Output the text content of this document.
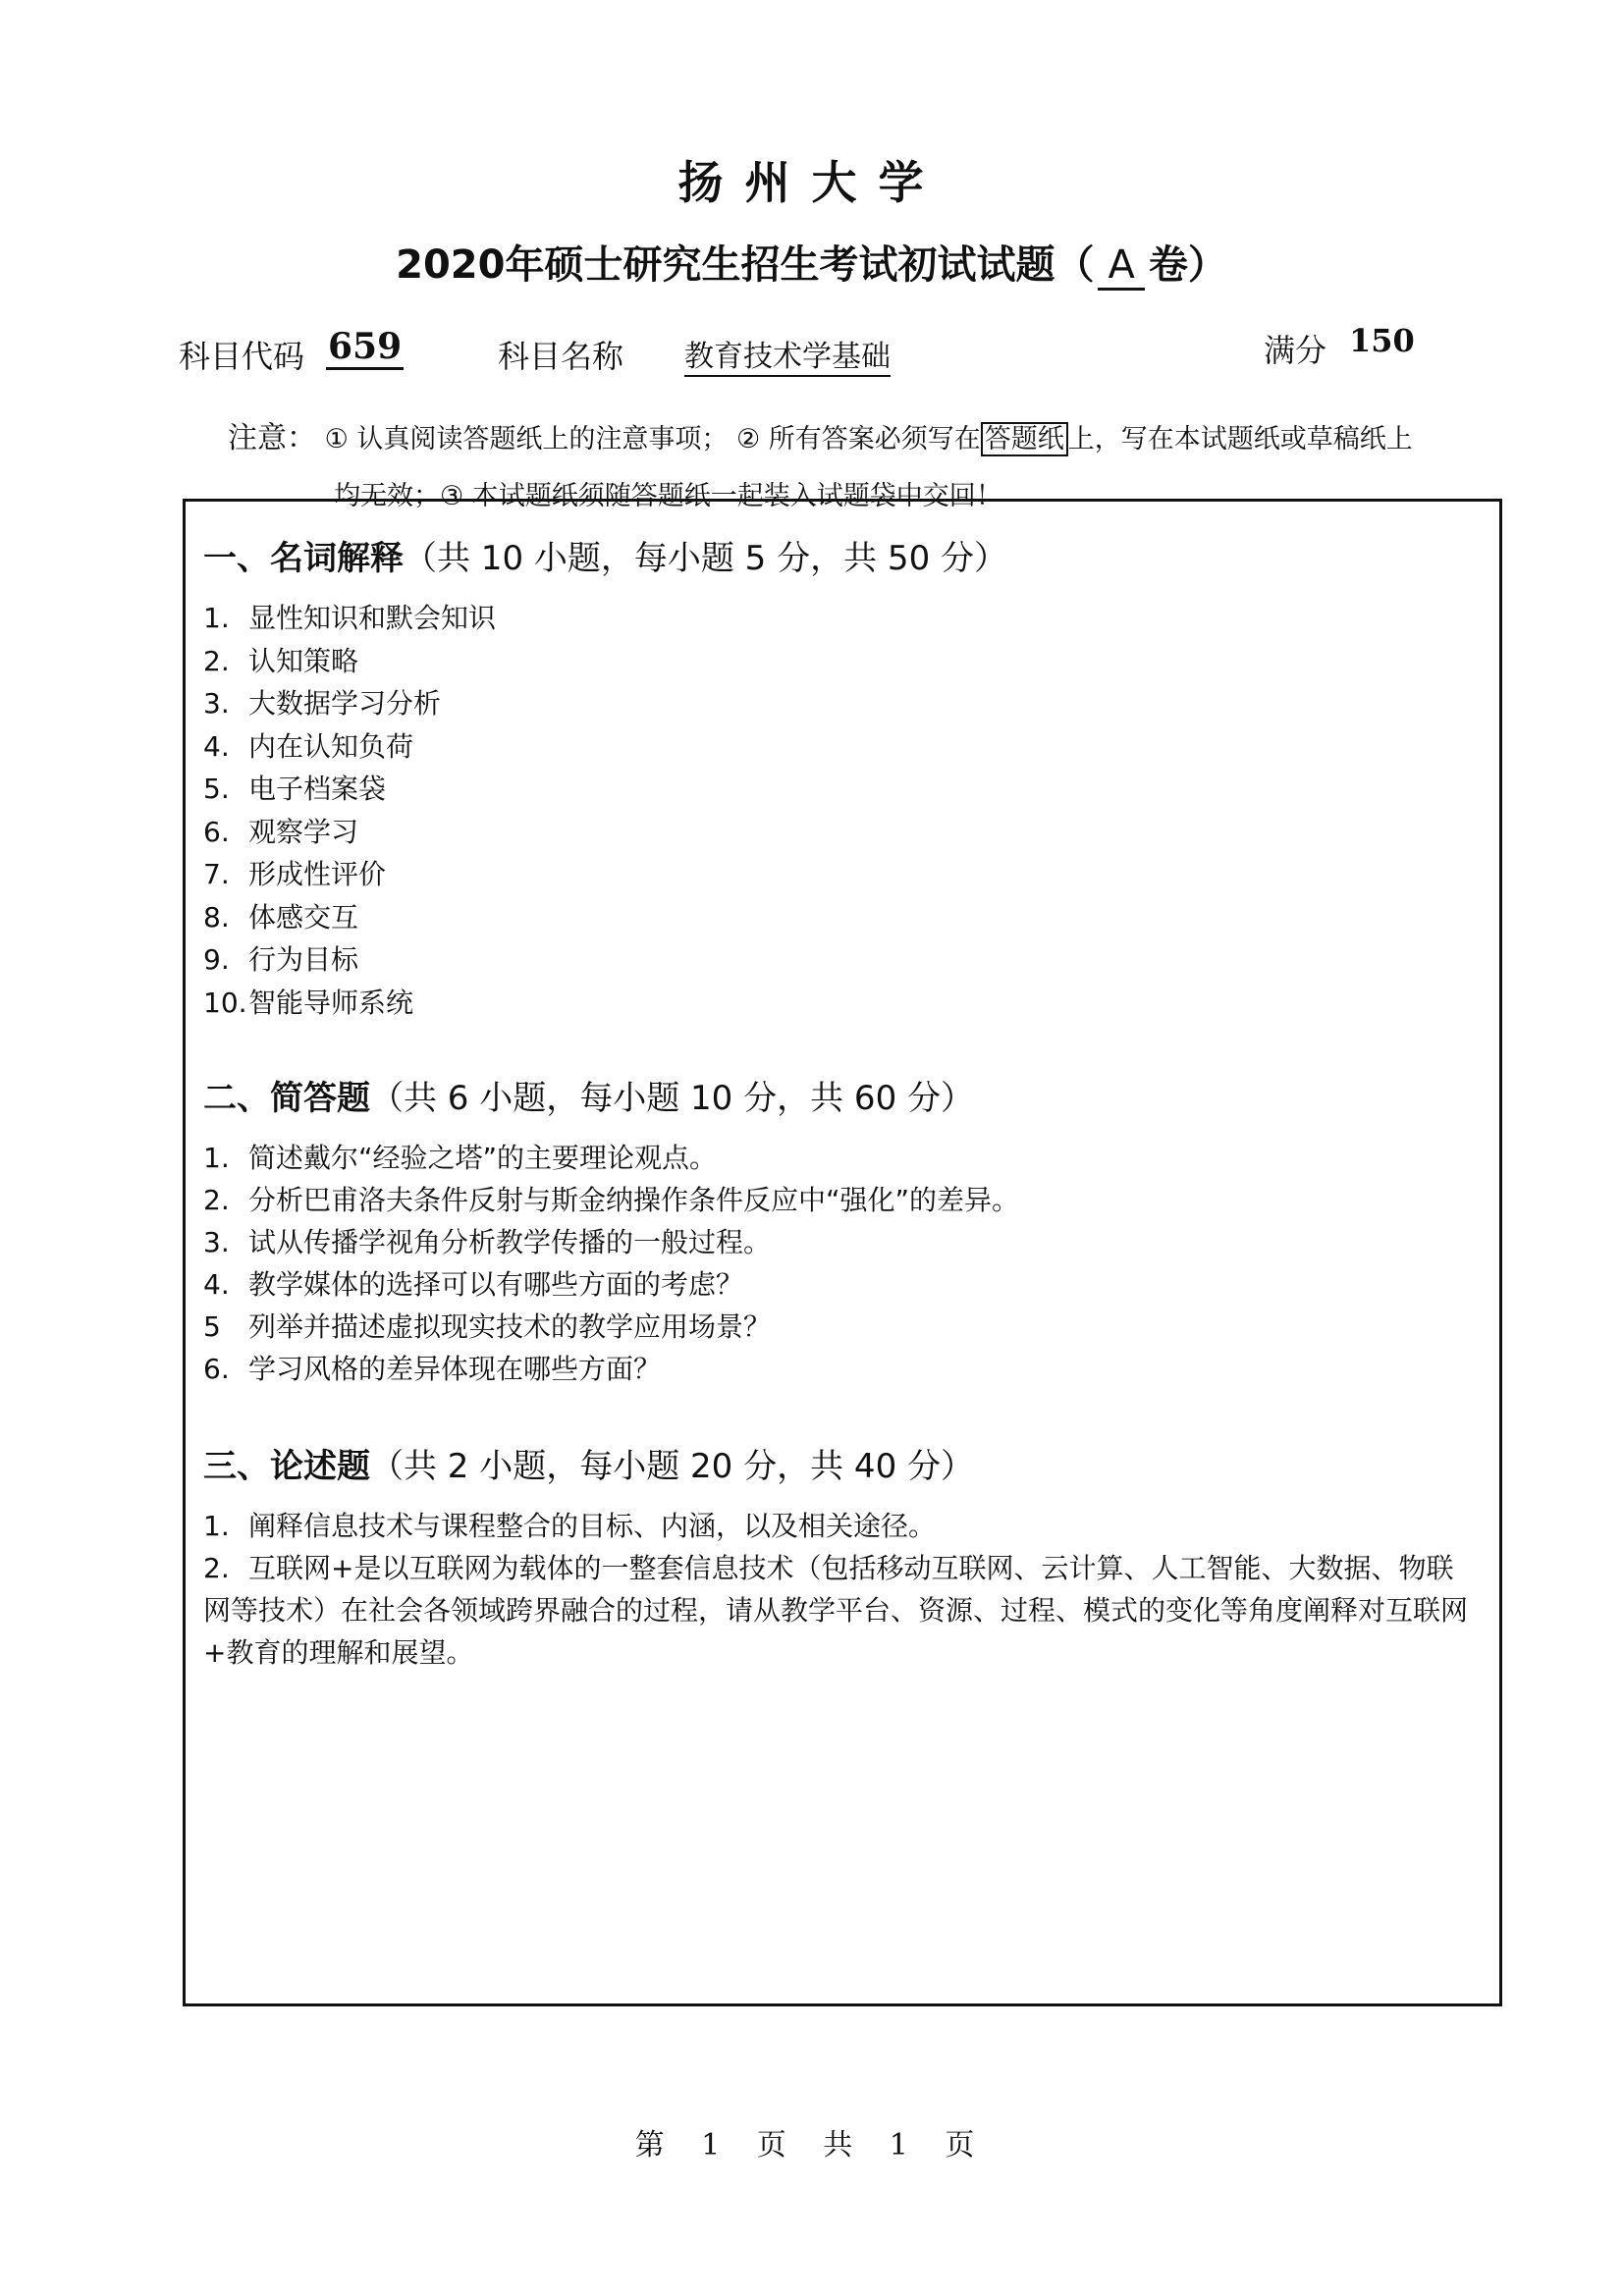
扬州大学
2020年硕士研究生招生考试初试试题（ A 卷）
科目代码 659	科目名称 教育技术学基础	满分 150
注意： ① 认真阅读答题纸上的注意事项； ② 所有答案必须写在 答题纸 上，写在本试题纸或草稿纸上
均无效；③ 本试题纸须随答题纸一起装入试题袋中交回！
一、名词解释（共 10 小题，每小题 5 分，共 50 分）
1. 显性知识和默会知识
2. 认知策略
3. 大数据学习分析
4. 内在认知负荷
5. 电子档案袋
6. 观察学习
7. 形成性评价
8. 体感交互
9. 行为目标
10.智能导师系统
二、简答题（共 6 小题，每小题 10 分，共 60 分）
1. 简述戴尔“经验之塔”的主要理论观点。
2. 分析巴甫洛夫条件反射与斯金纳操作条件反应中“强化”的差异。
3. 试从传播学视角分析教学传播的一般过程。
4. 教学媒体的选择可以有哪些方面的考虑？
5 列举并描述虚拟现实技术的教学应用场景？
6. 学习风格的差异体现在哪些方面？
三、论述题（共 2 小题，每小题 20 分，共 40 分）
1. 阐释信息技术与课程整合的目标、内涵，以及相关途径。
2. 互联网+是以互联网为载体的一整套信息技术（包括移动互联网、云计算、人工智能、大数据、物联网等技术）在社会各领域跨界融合的过程，请从教学平台、资源、过程、模式的变化等角度阐释对互联网+教育的理解和展望。
第 1 页 共 1 页
